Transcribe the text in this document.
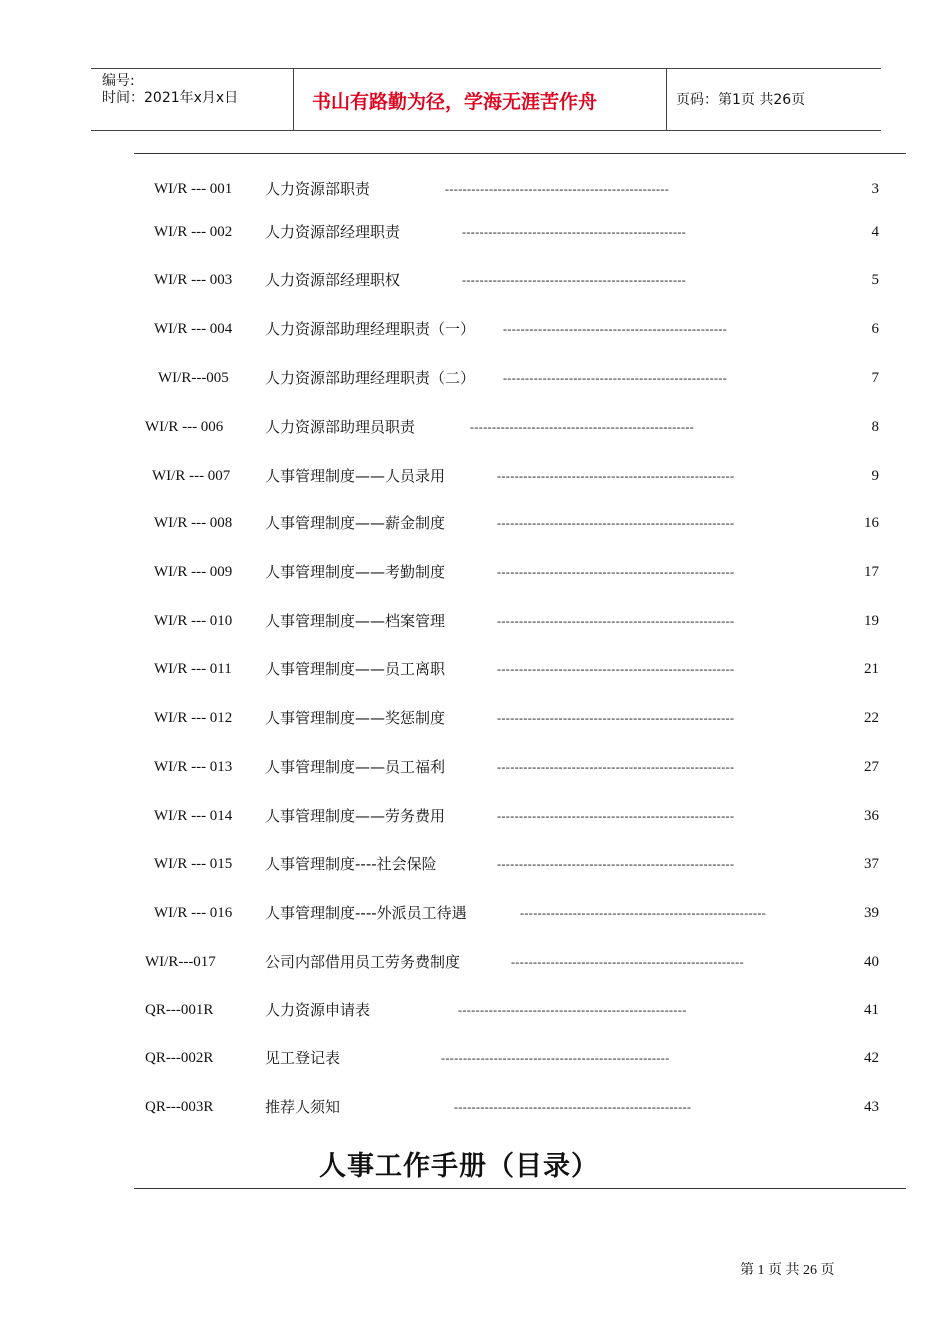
编号:
时间：2021年x月x日	书山有路勤为径，学海无涯苦作舟	页码：第1页 共26页
WI/R --- 001 人力资源部职责	---------------------------------------------------	3
WI/R --- 002 人力资源部经理职责	---------------------------------------------------	4
WI/R --- 003 人力资源部经理职权	---------------------------------------------------	5
WI/R --- 004 人力资源部助理经理职责（一） ---------------------------------------------------	6
WI/R---005 人力资源部助理经理职责（二） ---------------------------------------------------	7
WI/R --- 006	人力资源部助理员职责	---------------------------------------------------	8
WI/R --- 007 人事管理制度——人员录用	------------------------------------------------------	9
WI/R --- 008 人事管理制度——薪金制度	------------------------------------------------------	16
WI/R --- 009 人事管理制度——考勤制度	------------------------------------------------------	17
WI/R --- 010 人事管理制度——档案管理	------------------------------------------------------	19
WI/R --- 011 人事管理制度——员工离职	------------------------------------------------------	21
WI/R --- 012 人事管理制度——奖惩制度	------------------------------------------------------	22
WI/R --- 013 人事管理制度——员工福利	------------------------------------------------------	27
WI/R --- 014 人事管理制度——劳务费用	------------------------------------------------------	36
WI/R --- 015 人事管理制度----社会保险	------------------------------------------------------	37
WI/R --- 016 人事管理制度----外派员工待遇	--------------------------------------------------------	39
WI/R---017	公司内部借用员工劳务费制度	-----------------------------------------------------	40
QR---001R	人力资源申请表	----------------------------------------------------	41
QR---002R	见工登记表	----------------------------------------------------	42
QR---003R	推荐人须知	------------------------------------------------------	43
人事工作手册（目录）
第 1 页 共 26 页
